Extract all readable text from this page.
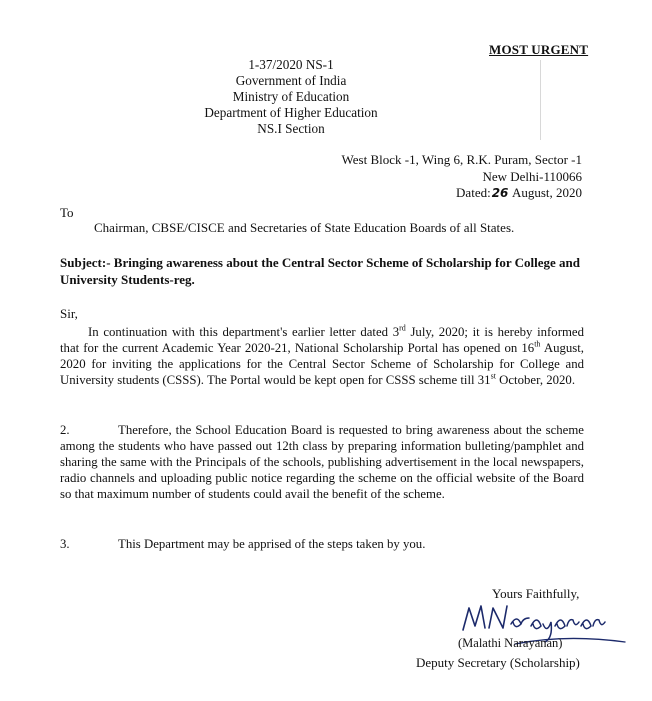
MOST URGENT
1-37/2020 NS-1
Government of India
Ministry of Education
Department of Higher Education
NS.I Section
West Block -1, Wing 6, R.K. Puram, Sector -1
New Delhi-110066
Dated:26 August, 2020
To
Chairman, CBSE/CISCE and Secretaries of State Education Boards of all States.
Subject:- Bringing awareness about the Central Sector Scheme of Scholarship for College and University Students-reg.
Sir,
In continuation with this department's earlier letter dated 3rd July, 2020; it is hereby informed that for the current Academic Year 2020-21, National Scholarship Portal has opened on 16th August, 2020 for inviting the applications for the Central Sector Scheme of Scholarship for College and University students (CSSS). The Portal would be kept open for CSSS scheme till 31st October, 2020.
2.	Therefore, the School Education Board is requested to bring awareness about the scheme among the students who have passed out 12th class by preparing information bulleting/pamphlet and sharing the same with the Principals of the schools, publishing advertisement in the local newspapers, radio channels and uploading public notice regarding the scheme on the official website of the Board so that maximum number of students could avail the benefit of the scheme.
3.	This Department may be apprised of the steps taken by you.
Yours Faithfully,
(Malathi Narayanan)
Deputy Secretary (Scholarship)
